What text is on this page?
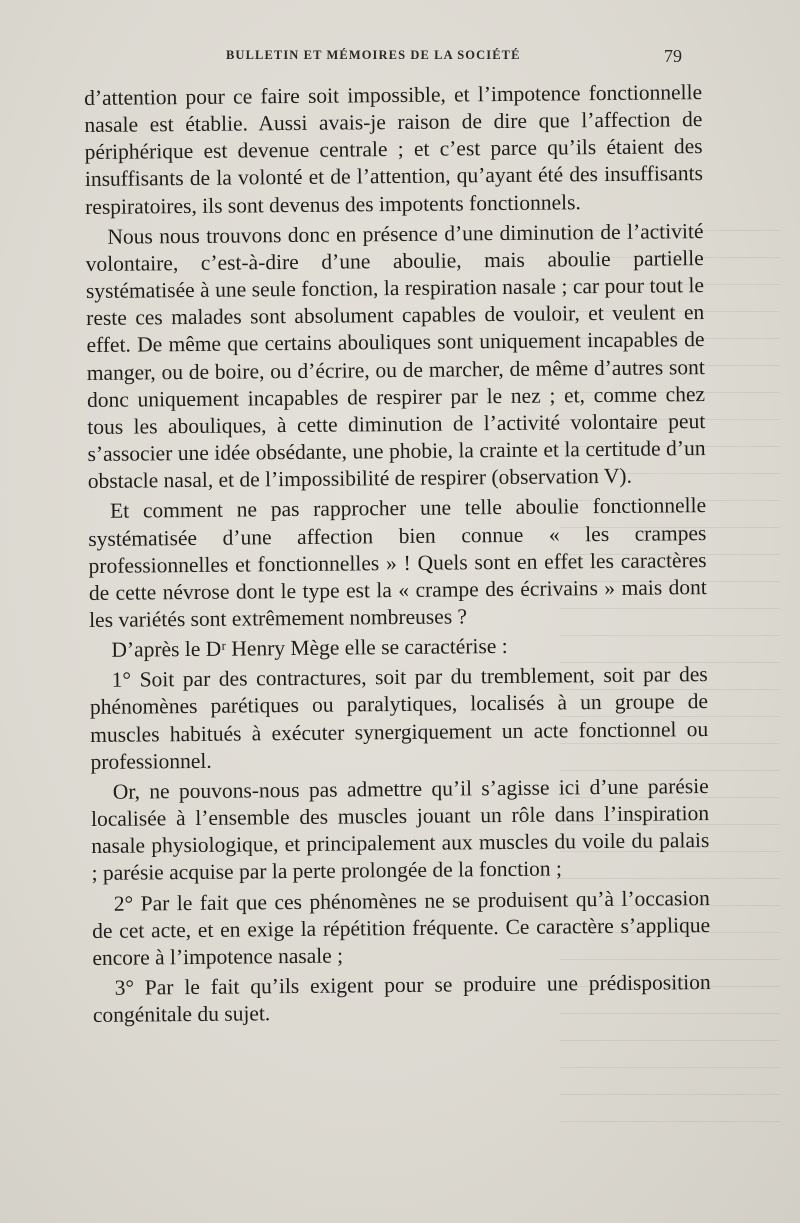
BULLETIN ET MÉMOIRES DE LA SOCIÉTÉ	79

d’attention pour ce faire soit impossible, et l’impotence fonctionnelle nasale est établie. Aussi avais-je raison de dire que l’affection de périphérique est devenue centrale ; et c’est parce qu’ils étaient des insuffisants de la volonté et de l’attention, qu’ayant été des insuffisants respiratoires, ils sont devenus des impotents fonctionnels.

Nous nous trouvons donc en présence d’une diminution de l’activité volontaire, c’est-à-dire d’une aboulie, mais aboulie partielle systématisée à une seule fonction, la respiration nasale ; car pour tout le reste ces malades sont absolument capables de vouloir, et veulent en effet. De même que certains abouliques sont uniquement incapables de manger, ou de boire, ou d’écrire, ou de marcher, de même d’autres sont donc uniquement incapables de respirer par le nez ; et, comme chez tous les abouliques, à cette diminution de l’activité volontaire peut s’associer une idée obsédante, une phobie, la crainte et la certitude d’un obstacle nasal, et de l’impossibilité de respirer (observation V).

Et comment ne pas rapprocher une telle aboulie fonctionnelle systématisée d’une affection bien connue « les crampes professionnelles et fonctionnelles » ! Quels sont en effet les caractères de cette névrose dont le type est la « crampe des écrivains » mais dont les variétés sont extrêmement nombreuses ?

D’après le Dʳ Henry Mège elle se caractérise :

1° Soit par des contractures, soit par du tremblement, soit par des phénomènes parétiques ou paralytiques, localisés à un groupe de muscles habitués à exécuter synergiquement un acte fonctionnel ou professionnel.

Or, ne pouvons-nous pas admettre qu’il s’agisse ici d’une parésie localisée à l’ensemble des muscles jouant un rôle dans l’inspiration nasale physiologique, et principalement aux muscles du voile du palais ; parésie acquise par la perte prolongée de la fonction ;

2° Par le fait que ces phénomènes ne se produisent qu’à l’occasion de cet acte, et en exige la répétition fréquente. Ce caractère s’applique encore à l’impotence nasale ;

3° Par le fait qu’ils exigent pour se produire une prédisposition congénitale du sujet.
